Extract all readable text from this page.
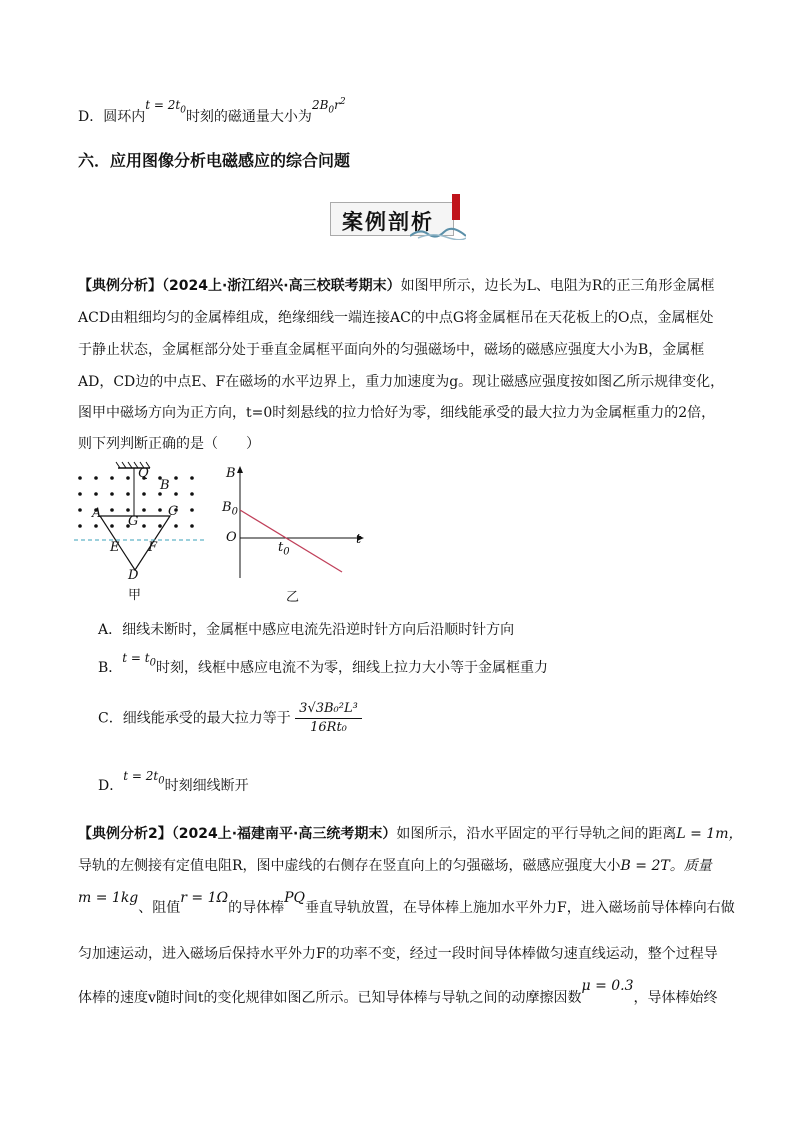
D．圆环内$t = 2t_0$时刻的磁通量大小为$2B_0r^2$
六．应用图像分析电磁感应的综合问题
案例剖析
【典例分析】（2024上·浙江绍兴·高三校联考期末）如图甲所示，边长为L、电阻为R的正三角形金属框
ACD由粗细均匀的金属棒组成，绝缘细线一端连接AC的中点G将金属框吊在天花板上的O点，金属框处
于静止状态，金属框部分处于垂直金属框平面向外的匀强磁场中，磁场的磁感应强度大小为B，金属框
AD，CD边的中点E、F在磁场的水平边界上，重力加速度为g。现让磁感应强度按如图乙所示规律变化，
图甲中磁场方向为正方向，t=0时刻悬线的拉力恰好为零，细线能承受的最大拉力为金属框重力的2倍，
则下列判断正确的是（　　）
Q
B
A	C
G
E F
D
甲
B
$B_0$
O
$t_0$
t
乙
A．细线未断时，金属框中感应电流先沿逆时针方向后沿顺时针方向
B．$t = t_0$时刻，线框中感应电流不为零，细线上拉力大小等于金属框重力
C．细线能承受的最大拉力等于 $\frac{\text{3√3B₀²L³}}{\text{16Rt₀}}$
D．$t = 2t_0$时刻细线断开
【典例分析2】（2024上·福建南平·高三统考期末）如图所示，沿水平固定的平行导轨之间的距离L = 1m，
导轨的左侧接有定值电阻R，图中虚线的右侧存在竖直向上的匀强磁场，磁感应强度大小B = 2T。质量
m = 1kg、阻值r = 1Ω的导体棒PQ垂直导轨放置，在导体棒上施加水平外力F，进入磁场前导体棒向右做
匀加速运动，进入磁场后保持水平外力F的功率不变，经过一段时间导体棒做匀速直线运动，整个过程导
体棒的速度v随时间t的变化规律如图乙所示。已知导体棒与导轨之间的动摩擦因数μ = 0.3，导体棒始终
